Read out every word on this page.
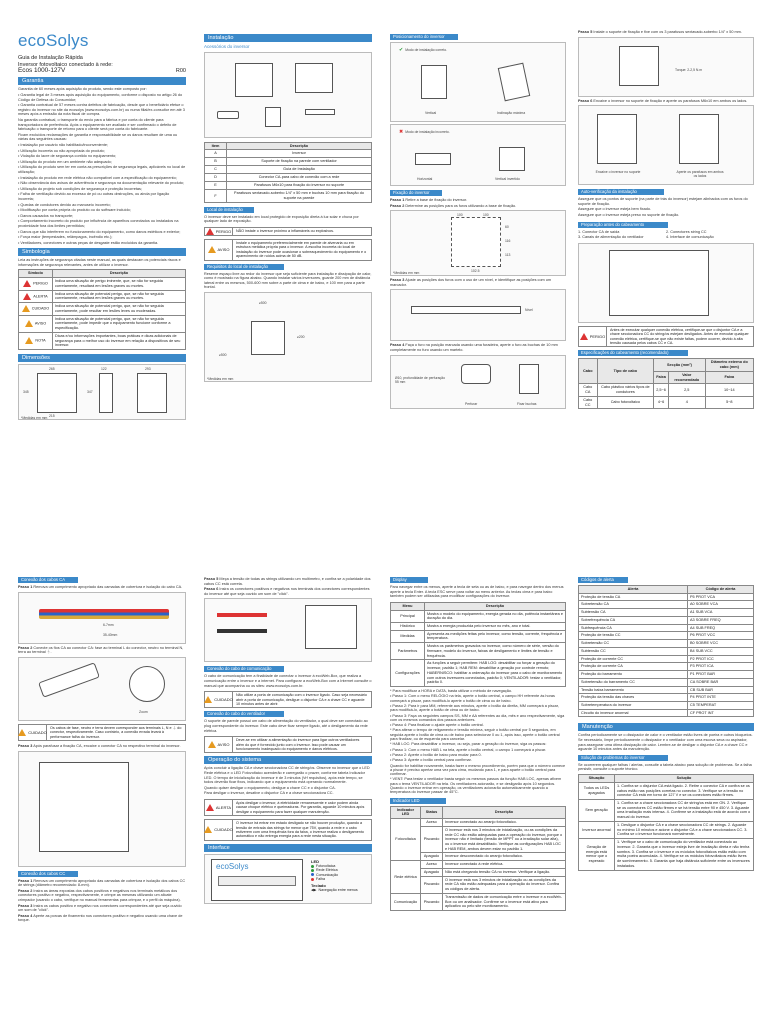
ecoSolys
Guia de Instalação Rápida
Inversor fotovoltaico conectado à rede:
Ecos 1000-127V	R00
Garantia
Garantia de 60 meses após aquisição do produto, sendo este composto por:
• Garantia legal de 3 meses após aquisição do equipamento, conforme o disposto no artigo 26 do Código de Defesa do Consumidor;
• Garantia contratual de 57 meses contra defeitos de fabricação, desde que o beneficiário efetue o registro do inversor no site da ecosolys (www.ecosolys.com.br) ou numa filial/ex-consultor em até 3 meses após a emissão da nota fiscal de compra.
Na garantia contratual, o transporte do envio para a fábrica e por conta do cliente para transportadora de preferência. Após o equipamento ser avaliado e ser confirmado o defeito de fabricação o transporte de retorno para o cliente será por conta do fabricante.
Ficam excluídos reclamações de garantia e responsabilidade se os danos resultam de uma ou várias das seguintes causas:
• Instalação por usuário não habilitado/inconveniente;
• Utilização incorreta ou não apropriada do produto;
• Violação do lacre de segurança contido no equipamento;
• Utilização do produto em um ambiente não adequado;
• Utilização do produto sem ter em conta as prescrições de segurança legais, aplicáveis no local de utilização;
• Instalação do produto em rede elétrica não compatível com a especificação do equipamento;
• Não observância dos avisos de advertência e segurança na documentação relevante do produto;
• Utilização do projeto sob condições de segurança e proteção incorretas;
• Falha de ventilação devido ao excesso de pó ou outras obstruções, ou ainda por ligação incorreta;
• Quedas de condutores devido ao manuseio incorreto;
• Modificação por conta própria do produto ou do software incluído;
• Danos causados no transporte;
• Comportamento incorreto do produto por influência de aparelhos conectados ou instalados na proximidade fora dos limites permitidos;
• Danos que são interferem no funcionamento do equipamento, como danos estéticos e exterior;
• Força maior (tempestades, relâmpagos, incêndio etc.);
• Ventiladores, conectores e outras peças de desgaste estão excluídos da garantia.
Simbologia
Leia as instruções de segurança citadas neste manual, as quais destacam os potenciais riscos e informações de segurança relevantes, antes de utilizar o inversor.
Símbolo	Descrição
PERIGO	Indica uma situação de perigo iminente, que, se não for seguida corretamente, resultará em lesões graves ou mortes.
ALERTA	Indica uma situação de potencial perigo, que, se não for seguida corretamente, resultará em lesões graves ou mortes.
CUIDADO	Indica uma situação de potencial perigo, que, se não for seguida corretamente, pode resultar em lesões leves ou moderadas.
AVISO	Indica uma situação de potencial perigo, que, se não for seguida corretamente, pode impedir que o equipamento funcione conforme a especificação.
NOTA	Dicas e/ou informações importantes, boas práticas e dicas adicionais de segurança para o melhor uso do inversor em relação a dispositivos de seu inversor.
Dimensões
265
345
215
122
347
293
*Medidas em mm
Instalação
Acessórios do inversor
Item	Descrição
A	Inversor
B	Suporte de fixação na parede com ventilador
C	Guia de Instalação
D	Conector CA-para cabo de conexão com a rede
E	Parafusos M6x10 para fixação do inversor no suporte
F	Parafusos sextavado-soberbo 1/4" x 50 mm e buchas 10 mm para fixação do suporte na parede
Local de instalação
O inversor deve ser instalado em local protegido de exposição direta à luz solar e chuva por qualquer lado de exposição.
PERIGO	NÃO instale o inversor próximo a inflamáveis ou explosivos.
AVISO
Instale o equipamento preferencialmente em parede de alvenaria ou em estrutura metálica própria para o inversor. A escolha incorreta do local de instalação do inversor pode ocasionar o sobreaquecimento do equipamento e o aparecimento de ruídos acima de 50 dB.
Requisitos do local de instalação
Reserve espaço livre ao redor do inversor que seja suficiente para instalação e dissipação de calor, como é mostrado na figura abaixo. Quando instalar vários inversores, guarde 200 mm de distância lateral entre os mesmos, 500-600 mm sobre a parte de cima e de baixo, e 100 mm para a parte frontal.
≥500
≥200
≥500
*Medidas em mm
Posicionamento do inversor
✔ Modo de instalação correto.
Vertical	Inclinação máxima
✖ Modo de instalação incorreto.
Horizontal	Vertical invertido
Fixação do inversor
Passo 1 Retire a base de fixação do inversor.
Passo 2 Determine as posições para os furos utilizando a base de fixação.
100	100
60
116
113
102.5
*Medidas em mm
Passo 3 Ajuste as posições dos furos com o uso de um nível, e identifique as posições com um marcador.
Nível
Passo 4 Faça o furo na posição marcada usando uma furadeira, aperte o furo as buchas de 10 mm completamente no furo usando um martelo.
Ø10, profundidade de perfuração 55 mm
Perfurar	Fixar buchas
Passo 5 Instale o suporte de fixação e fixe com os 3 parafusos sextavado-soberbo 1/4" x 50 mm.
Torque: 2-2,5 N.m
Passo 6 Encaixe o inversor no suporte de fixação e aperte os parafusos M6x10 em ambos os lados.
Encaixe o inversor no suporte	Aperte os parafusos em ambos os lados
Auto-verificação da instalação
Assegure que os pontos de suporte (na parte de trás do inversor) estejam alinhados com os furos do suporte de fixação.
Assegure que o inversor esteja bem fixado.
Assegure que o inversor esteja preso no suporte de fixação.
Preparação antes do cabeamento
1. Conector CA de saída	2. Conectores string CC
3. Canais de alimentação do ventilador	4. Interface de comunicação
PERIGO
Antes de executar qualquer conexão elétrica, certifique-se que o disjuntor CA e a chave seccionadora CC do string/os estejam desligados. Antes de executar qualquer conexão elétrica, certifique-se que não existe faltas, podem ocorrer, devido à alta tensão causada pelos cabos CC e CA.
Especificações do cabeamento (recomendado)
Cabo	Tipo de cabo	Secção (mm²)		Diâmetro externo do cabo (mm)
		Faixa	Valor recomendado	Faixa
Cabo CA	Cabo plástico vários tipos de condutores	2,5~6	2,5	10~14
Cabo CC	Cabo fotovoltaico	4~6	4	5~8
Conexão dos cabos CA
Passo 1 Remova um comprimento apropriado das camadas de cobertura e isolação do cabo CA.
6-7mm
35-40mm
Passo 2 Conecte os fios CA ao conector CA: fase ao terminal L do conector, neutro no terminal N, terra ao terminal ⏚.
Zoom
CUIDADO
Os cabos de fase, neutro e terra devem corresponder aos terminais L, N e ⏚ do conector, respectivamente. Caso contrário, a conexão errada levará à performance falha do inversor.
Passo 3 Após parafusar a fixação CA, encaixe o conector CA no respectivo terminal do inversor.
Conexão dos cabos CC
Passo 1 Remova um comprimento apropriado das camadas de cobertura e isolação dos cabos CC de strings (diâmetro recomendado: 8-mm).
Passo 2 Insira as áreas expostas dos cabos positivos e negativos nos terminais metálicos dos conectores positivo e negativo, respectivamente, e crimpe as mesmas utilizando um alicate crimpador (usando o cabo, verifique no manual ferramentas para crimpar, e o perfil da máquina).
Passo 3 Insira os cabos positivo e negativo nos conectores correspondentes até que seja ouvido um som de "click".
Passo 4 Aperte as porcas de fixamento nos conectores positivo e negativo usando uma chave de torque.
Passo 5 Meça a tensão de todas as strings utilizando um multímetro, e confira se a polaridade dos cabos CC está correta.
Passo 6 Insira os conectores positivos e negativos nos terminais dos conectores correspondentes do inversor até que seja ouvido um som de "click".
Conexão do cabo de comunicação
O cabo de comunicação tem a finalidade de conectar o inversor à ecoWeb-Box, que realiza a comunicação entre o inversor e a internet. Para configurar a ecoWeb-Box com a Internet consulte o manual que acompanha ou os sites: www.ecosolys.com.br.
CUIDADO
Não utilize a porta de comunicação com o inversor ligado. Caso seja necessário abrir a porta de comunicação, desligue o disjuntor CA e a chave CC e aguarde 10 minutos antes de abrir.
Conexão do cabo do ventilador
O suporte de parede possui um cabo de alimentação do ventilador, o qual deve ser conectado ao plug correspondente do inversor. Este cabo deve ficar sempre ligado, até o desligamento da rede elétrica.
AVISO
Deve-se em utilizar a alimentação do inversor para ligar outros ventiladores além do que é fornecido junto com o inversor. Isso pode causar um funcionamento inadequado do equipamento e danos elétricos.
Operação do sistema
Após concluir a ligação CA e chave seccionadora CC de string/os. Observe no inversor que o LED Rede elétrica e o LED Fotovoltaico acenderão e carregarão o prazer, conforme tabela Indicador LED. O tempo de inicialização do inversor é de 3 minutos (Vrf requisitos), após este tempo, se todos deverão ficar fixos, indicando que o equipamento está operando normalmente.
Quando quiser desligar o equipamento, desligue a chave CC e o disjuntor CA.
Para desligar o inversor, desative o disjuntor CA e a chave seccionadora CC.
ALERTA
Após desligar o inversor, à eletricidade remanescente e calor podem ainda causar choque elétrico e queimaduras. Por garantia, aguarde 10 minutos após desligar o equipamento para fazer qualquer manutenção.
CUIDADO
O inversor irá entrar em estado desligado se não houver produção, quando a tensão de entrada das strings for menor que 75V, quando a rede e o cabo estiverem com uma frequência fora da faixa, o inversor realiza o desligamento automático e não entrega energia para a rede nesta situação.
Interface
ecoSolys
LED
Fotovoltaica
Rede Elétrica
Comunicação
Falha
Teclado
◀▶ Navegação entre menus
Display
Para navegar entre os menus, aperte a tecla de seta ou as de baixo, e para navegar dentro dos menus aperte a tecla Enter. A tecla ESC serve para voltar ao menu anterior. As teclas cima e para baixo também podem ser utilizadas para modificar configurações do inversor.
Menu	Descrição
Principal	Mostra o modelo do equipamento, energia gerada no dia, potência instantânea e duração do dia.
Histórico	Mostra a energia produzida pelo inversor no mês, ano e total.
Medidas	Apresenta as medições feitas pelo inversor, como tensão, corrente, frequência e temperatura.
Parâmetros	Mostra os parâmetros gravados no inversor, como número de série, versão do firmware, modelo do inversor, faixas de desligamento e limites de tensão e frequência.
Configurações	As funções a seguir permitem: HAB LOG: desabilitar ou forçar a geração do inversor, padrão 1; HAB REM: desabilitar a geração por controle remoto; HABERNISCO: habilitar a ordenação do inversor para o cabo de monitoramento com outros inversores conectados, padrão 0; VENTILADOR: testar o ventilador, padrão 0.
* Para modificar a HORA e DATA, basta utilizar o método de navegação.
• Passo 1: Com o menu RELÓGIO na tela, aperte o botão central, o campo HH referente às horas começará a piscar, para modificá-lo aperte o botão de cima ou de baixo.
• Passo 2: Para ir para MM, referente aos minutos, aperte o botão da direita, MM começará a piscar, para modificá-lo, aperte o botão de cima ou de baixo.
• Passo 3: Faça os seguintes campos SS, MM e AA referentes ao dia, mês e ano respectivamente, siga com os mesmos comandos dos passos anteriores.
• Passo 4: Para finalizar o ajuste aperte o botão central.
* Para alterar o tempo de religamento e tensão mínima, seguir o botão central por 5 segundos, em seguida aperte o botão de cima ou de baixo para selecionar 0 ou 1, após isso, aperte o botão central para finalizar, ou de esquerda para cancelar.
* HAB LOC: Para desabilitar o inversor, ou seja, parar a geração do inversor, siga os passos:
• Passo 1: Com o menu HAB L na tela, aperte o botão central, o campo 1 começará a piscar.
• Passo 2: Aperte o botão de baixo para mudar para 0.
• Passo 3: Aperte o botão central para confirmar.
Quando for habilitar novamente, basta fazer o mesmo procedimento, porém para que o número comece a piscar é preciso apertar uma vez para cima, mudando para 1, e para aparte o botão central para confirmar.
* VENT: Para testar o ventilador basta seguir os mesmos passos da função HAB LOC, apenas afixem para o tema VENTILADOR na tela. Os ventiladores acionarão, e se desligarão após 10 segundos. Quando o inversor entrar em operação, os ventiladores acionarão automaticamente quando a temperatura do inversor passar de 45°C.
Indicador LED
Indicador LED	Status	Descrição
Fotovoltaica	Aceso	Inversor conectado ao arranjo fotovoltaico.
	Piscando	O inversor está nos 3 minutos de inicialização, ou as condições da rede CC não estão adequadas para a operação do inversor, porque o inversor não é limitado (tensão de MPPT ou a irradiação solar alta), ou o inversor está desabilitado. Verifique as configurações HAB LOC e HAB REM, ambos devem estar no padrão 1.
	Apagado	Inversor desconectado do arranjo fotovoltaico.
Rede elétrica	Aceso	Inversor conectado à rede elétrica.
	Apagado	Não está chegando tensão CA no inversor. Verifique a ligação.
	Piscando	O inversor está nos 3 minutos de inicialização ou as condições da rede CA não estão adequadas para a operação do inversor. Confira os códigos de alerta.
Comunicação	Piscando	Transmissão de dados de comunicação entre o inversor e a ecoWeb-Box ou um analisador. Confirme se o inversor está ativo para aplicativo ou pelo site monitoramento.
Códigos de alerta
Alerta	Código de alerta
Proteção de tensão CA	P5 PROT VCA
Sobretensão CA	A0 SOBRE VCA
Subtensão CA	A1 SUB VCA
Sobrefrequência CA	A3 SOBRE FREQ
Subfrequência CA	A4 SUB FREQ
Proteção de tensão CC	P6 PROT VCC
Sobretensão CC	B0 SOBRE VCC
Subtensão CC	B4 SUB VCC
Proteção de corrente CC	P2 PROT ICC
Proteção de corrente CA	P3 PROT ICA
Proteção do barramento	P1 PROT BAR
Sobretensão do barramento CC	CA SOBRE BAR
Tensão baixa barramento	CB SUB BAR
Proteção da tensão das chaves	P4 PROT INTE
Sobretemperatura do inversor	C5 TEMPERAT
Circuito do inversor anormal	CF PROT INT
Manutenção
Confira periodicamente se o dissipador de calor e o ventilador estão livres de poeira e outros bloqueios. Se necessário, limpe periodicamente o dissipador e o ventilador com uma escova seca ou aspirador, para assegurar uma ótima dissipação de calor. Lembre-se de desligar o disjuntor CA e a chave CC e aguarde 10 minutos antes da manutenção.
Solução de problemas do inversor
Se ocorrerem qualquer falhas / alertas, consulte a tabela abaixo para solução de problemas. Se a falha persistir, consulte o suporte técnico.
Situação	Solução
Todos os LEDs apagados	1. Confira se o disjuntor CA está ligado. 2. Retire o conector CA e confira se os cabos estão nas posições corretas no conector. 3. Verifique se a tensão no conector CA está em torno de 127 V e se os conectores estão firmes.
Sem geração	1. Confira se a chave seccionadora CC de string/os está em ON. 2. Verifique se os conectores CC estão firmes e se há tensão entre 90 e 450 V. 3. Aguarde uma irradiação mais intensa. 4. Confirme se a instalação está de acordo com o manual do inversor.
Inversor anormal	1. Desligue o disjuntor CA e a chave seccionadora CC de strings. 2. Aguarde no mínimo 10 minutos e acione o disjuntor CA e a chave seccionadora CC. 3. Confira se o inversor funcionará normalmente.
Geração de energia está menor que o esperado	1. Verifique se o cabo de comunicação do ventilador está conectado ao inversor. 2. Garanta que o inversor esteja livre de irradiação direta e não tenha sombra. 3. Confira se o inversor e os módulos fotovoltaicos estão estão com muita poeira acumulada. 4. Verifique se os módulos fotovoltaicos estão livres de sombreamento. 5. Garanta que haja distância suficiente entre os inversores instalados.
